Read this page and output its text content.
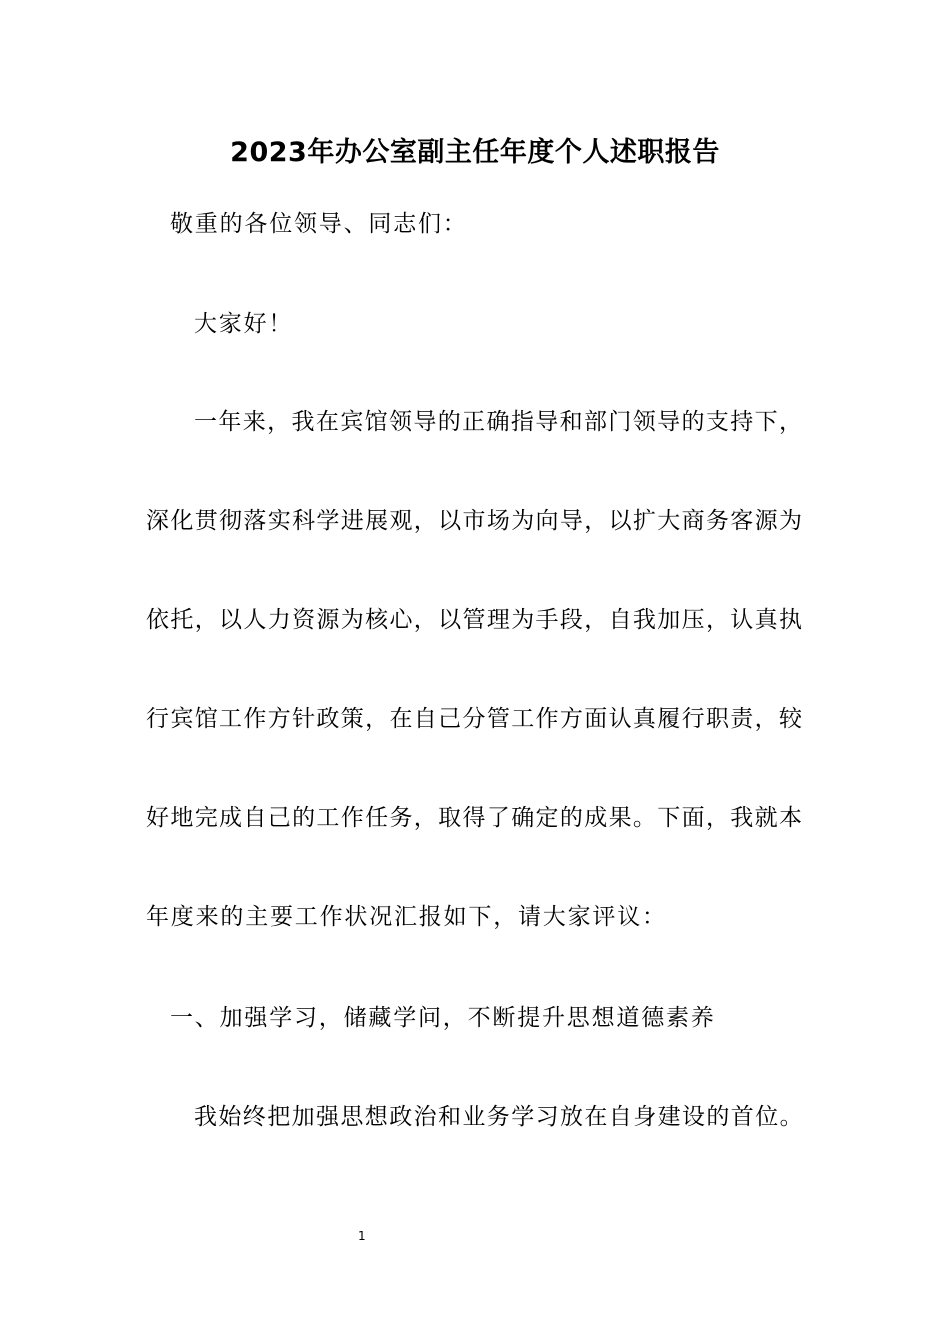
2023年办公室副主任年度个人述职报告
敬重的各位领导、同志们：
大家好！
一年来，我在宾馆领导的正确指导和部门领导的支持下，
深化贯彻落实科学进展观，以市场为向导，以扩大商务客源为
依托，以人力资源为核心，以管理为手段，自我加压，认真执
行宾馆工作方针政策，在自己分管工作方面认真履行职责，较
好地完成自己的工作任务，取得了确定的成果。下面，我就本
年度来的主要工作状况汇报如下，请大家评议：
一、加强学习，储藏学问，不断提升思想道德素养
我始终把加强思想政治和业务学习放在自身建设的首位。
1
